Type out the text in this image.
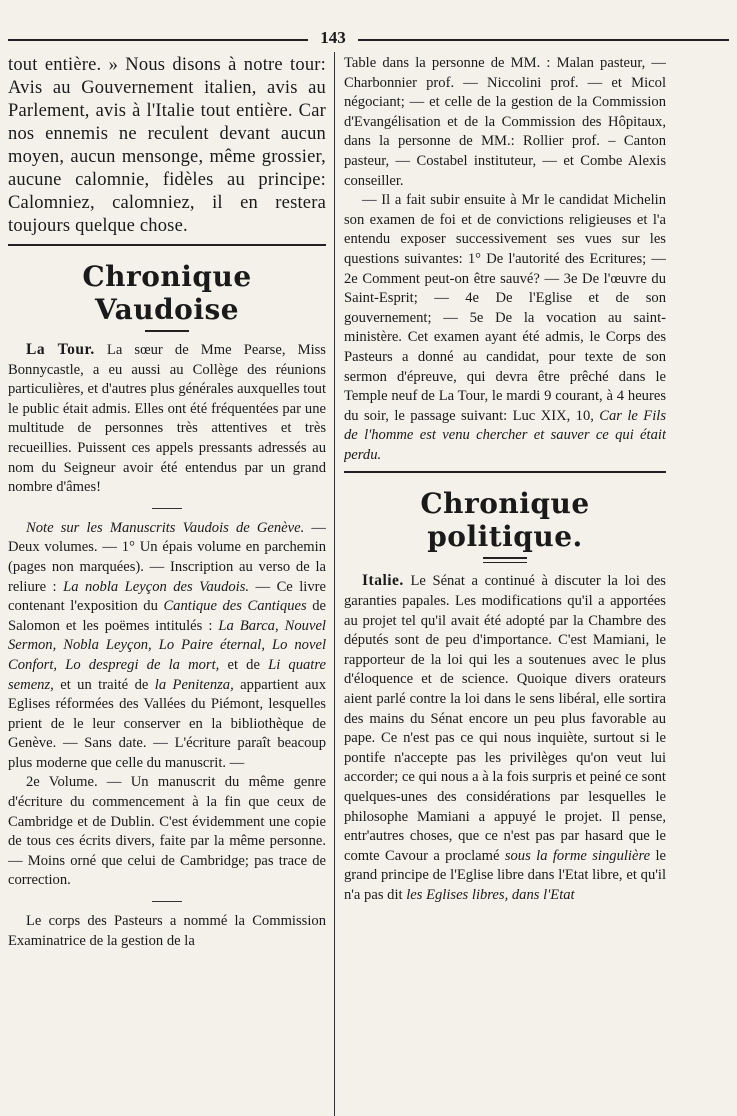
143

tout entière. » Nous disons à notre tour: Avis au Gouvernement italien, avis au Parlement, avis à l'Italie tout entière. Car nos ennemis ne reculent devant aucun moyen, aucun mensonge, même grossier, aucune calomnie, fidèles au principe: Calomniez, calomniez, il en restera toujours quelque chose.

Chronique Vaudoise

La Tour. La sœur de Mme Pearse, Miss Bonnycastle, a eu aussi au Collège des réunions particulières, et d'autres plus générales auxquelles tout le public était admis. Elles ont été fréquentées par une multitude de personnes très attentives et très recueillies. Puissent ces appels pressants adressés au nom du Seigneur avoir été entendus par un grand nombre d'âmes!

Note sur les Manuscrits Vaudois de Genève. — Deux volumes. — 1° Un épais volume en parchemin (pages non marquées). — Inscription au verso de la reliure : La nobla Leyçon des Vaudois. — Ce livre contenant l'exposition du Cantique des Cantiques de Salomon et les poëmes intitulés : La Barca, Nouvel Sermon, Nobla Leyçon, Lo Paire éternal, Lo novel Confort, Lo despregi de la mort, et de Li quatre semenz, et un traité de la Penitenza, appartient aux Eglises réformées des Vallées du Piémont, lesquelles prient de le leur conserver en la bibliothèque de Genève. — Sans date. — L'écriture paraît beacoup plus moderne que celle du manuscrit. —

2e Volume. — Un manuscrit du même genre d'écriture du commencement à la fin que ceux de Cambridge et de Dublin. C'est évidemment une copie de tous ces écrits divers, faite par la même personne. — Moins orné que celui de Cambridge; pas trace de correction.

Le corps des Pasteurs a nommé la Commission Examinatrice de la gestion de la

Table dans la personne de MM. : Malan pasteur, — Charbonnier prof. — Niccolini prof. — et Micol négociant; — et celle de la gestion de la Commission d'Evangélisation et de la Commission des Hôpitaux, dans la personne de MM.: Rollier prof. – Canton pasteur, — Costabel instituteur, — et Combe Alexis conseiller.

— Il a fait subir ensuite à Mr le candidat Michelin son examen de foi et de convictions religieuses et l'a entendu exposer successivement ses vues sur les questions suivantes: 1° De l'autorité des Ecritures; — 2e Comment peut-on être sauvé? — 3e De l'œuvre du Saint-Esprit; — 4e De l'Eglise et de son gouvernement; — 5e De la vocation au saint-ministère. Cet examen ayant été admis, le Corps des Pasteurs a donné au candidat, pour texte de son sermon d'épreuve, qui devra être prêché dans le Temple neuf de La Tour, le mardi 9 courant, à 4 heures du soir, le passage suivant: Luc XIX, 10, Car le Fils de l'homme est venu chercher et sauver ce qui était perdu.

Chronique politique.

Italie. Le Sénat a continué à discuter la loi des garanties papales. Les modifications qu'il a apportées au projet tel qu'il avait été adopté par la Chambre des députés sont de peu d'importance. C'est Mamiani, le rapporteur de la loi qui les a soutenues avec le plus d'éloquence et de science. Quoique divers orateurs aient parlé contre la loi dans le sens libéral, elle sortira des mains du Sénat encore un peu plus favorable au pape. Ce n'est pas ce qui nous inquiète, surtout si le pontife n'accepte pas les privilèges qu'on veut lui accorder; ce qui nous a à la fois surpris et peiné ce sont quelques-unes des considérations par lesquelles le philosophe Mamiani a appuyé le projet. Il pense, entr'autres choses, que ce n'est pas par hasard que le comte Cavour a proclamé sous la forme singulière le grand principe de l'Eglise libre dans l'Etat libre, et qu'il n'a pas dit les Eglises libres, dans l'Etat
